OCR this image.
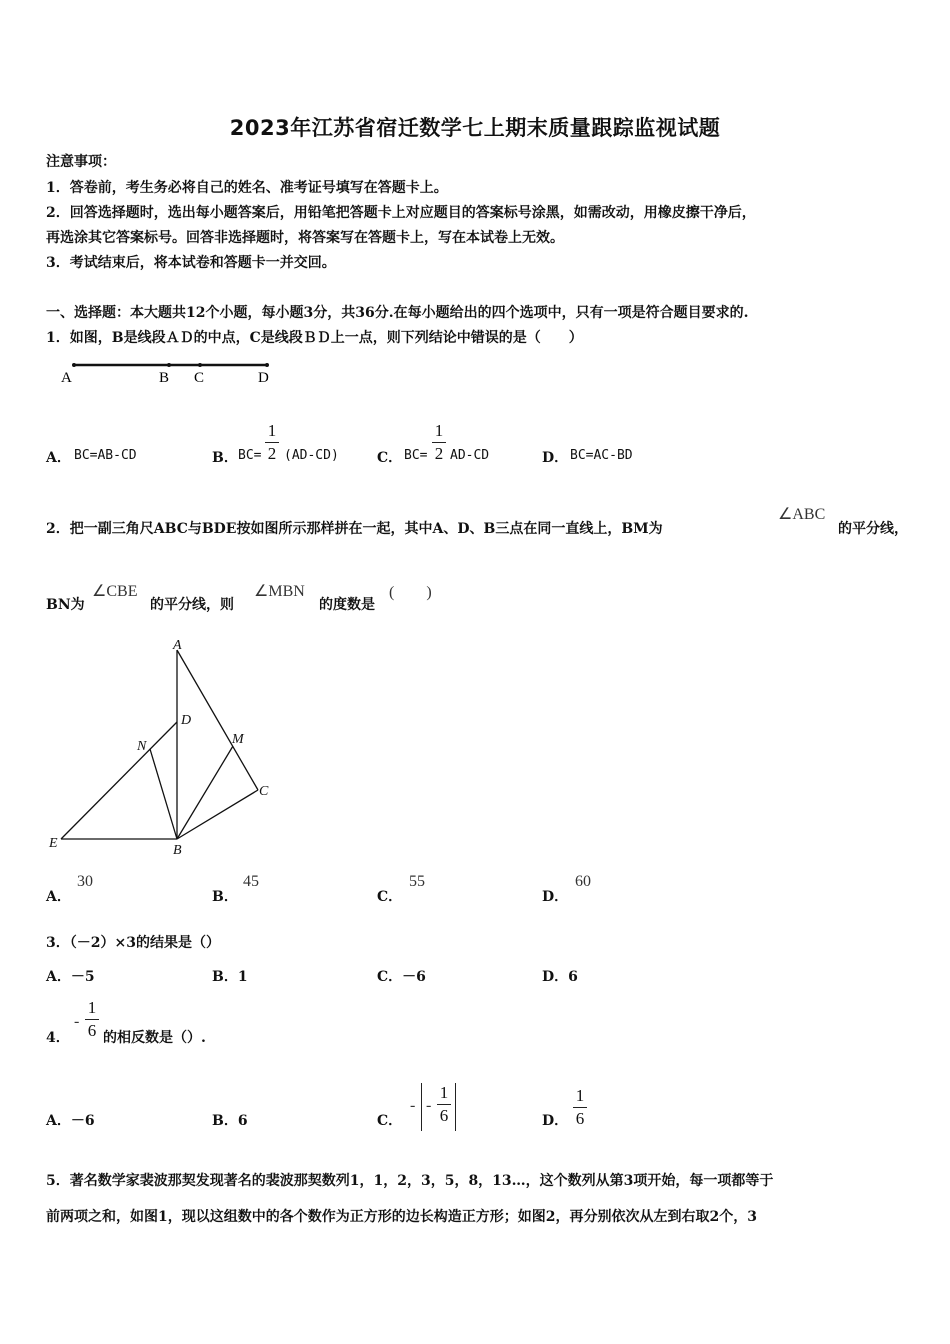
2023年江苏省宿迁数学七上期末质量跟踪监视试题
注意事项：
1．答卷前，考生务必将自己的姓名、准考证号填写在答题卡上。
2．回答选择题时，选出每小题答案后，用铅笔把答题卡上对应题目的答案标号涂黑，如需改动，用橡皮擦干净后，
再选涂其它答案标号。回答非选择题时，将答案写在答题卡上，写在本试卷上无效。
3．考试结束后，将本试卷和答题卡一并交回。
一、选择题：本大题共12个小题，每小题3分，共36分.在每小题给出的四个选项中，只有一项是符合题目要求的.
1．如图，B是线段ＡＤ的中点，C是线段ＢＤ上一点，则下列结论中错误的是（　　）
A	B C	D
A． BC=AB-CD	B． BC=
1
2 (AD-CD)	C． BC=
1
2 AD-CD	D． BC=AC-BD
2．把一副三角尺ABC与BDE按如图所示那样拼在一起，其中A、D、B三点在同一直线上，BM为
∠ABC
的平分线，
BN为
∠CBE
的平分线，则
∠MBN
的度数是
(　　)
A
D
N	M
C
E	B
A．
30
B．
45
C．
55
D．
60
3．（－2）×3的结果是（）
A．－5	B．1	C．－6	D．6
4．
-
1
6 的相反数是（）.
A．－6	B．6	C．
- -
1
6	D．
1
6
5．著名数学家裴波那契发现著名的裴波那契数列1，1，2，3，5，8，13…，这个数列从第3项开始，每一项都等于
前两项之和，如图1，现以这组数中的各个数作为正方形的边长构造正方形；如图2，再分别依次从左到右取2个，3
